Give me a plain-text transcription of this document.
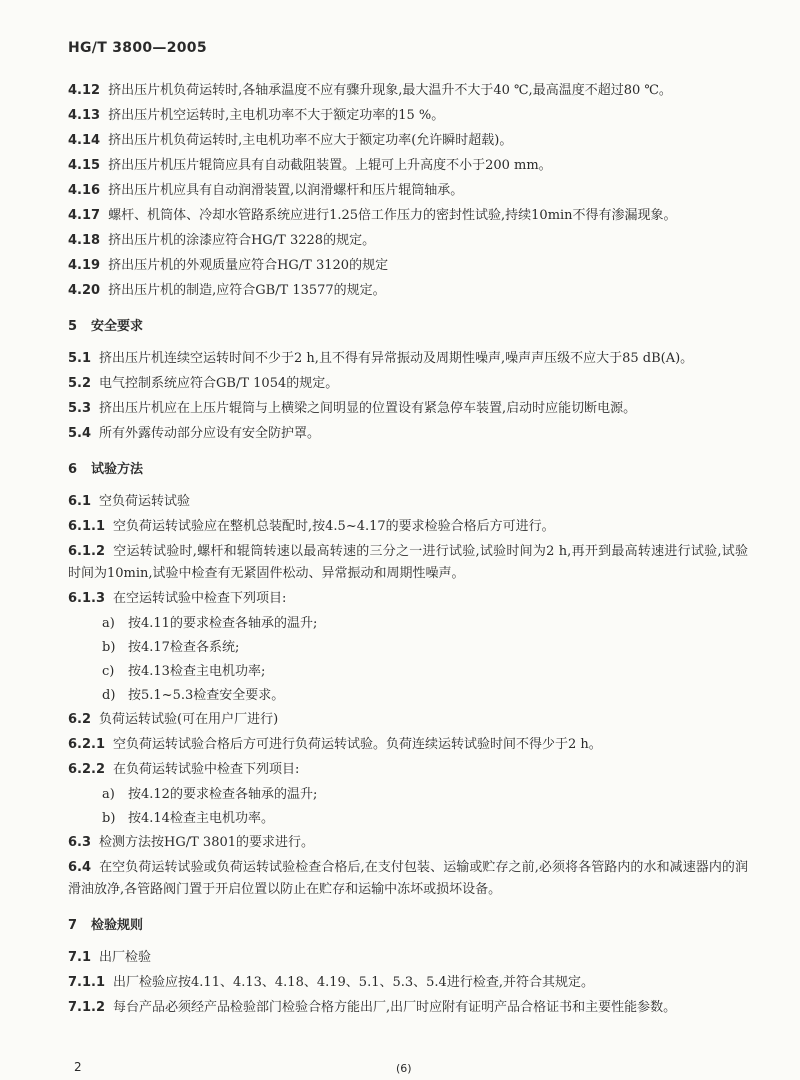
HG/T 3800—2005

4.12 挤出压片机负荷运转时,各轴承温度不应有骤升现象,最大温升不大于40 ℃,最高温度不超过80 ℃。

4.13 挤出压片机空运转时,主电机功率不大于额定功率的15 %。

4.14 挤出压片机负荷运转时,主电机功率不应大于额定功率(允许瞬时超载)。

4.15 挤出压片机压片辊筒应具有自动截阻装置。上辊可上升高度不小于200 mm。

4.16 挤出压片机应具有自动润滑装置,以润滑螺杆和压片辊筒轴承。

4.17 螺杆、机筒体、冷却水管路系统应进行1.25倍工作压力的密封性试验,持续10min不得有渗漏现象。

4.18 挤出压片机的涂漆应符合HG/T 3228的规定。

4.19 挤出压片机的外观质量应符合HG/T 3120的规定

4.20 挤出压片机的制造,应符合GB/T 13577的规定。

5 安全要求

5.1 挤出压片机连续空运转时间不少于2 h,且不得有异常振动及周期性噪声,噪声声压级不应大于85 dB(A)。

5.2 电气控制系统应符合GB/T 1054的规定。

5.3 挤出压片机应在上压片辊筒与上横梁之间明显的位置设有紧急停车装置,启动时应能切断电源。

5.4 所有外露传动部分应设有安全防护罩。

6 试验方法

6.1 空负荷运转试验

6.1.1 空负荷运转试验应在整机总装配时,按4.5~4.17的要求检验合格后方可进行。

6.1.2 空运转试验时,螺杆和辊筒转速以最高转速的三分之一进行试验,试验时间为2 h,再开到最高转速进行试验,试验时间为10min,试验中检查有无紧固件松动、异常振动和周期性噪声。

6.1.3 在空运转试验中检查下列项目:

a) 按4.11的要求检查各轴承的温升;
b) 按4.17检查各系统;
c) 按4.13检查主电机功率;
d) 按5.1~5.3检查安全要求。

6.2 负荷运转试验(可在用户厂进行)

6.2.1 空负荷运转试验合格后方可进行负荷运转试验。负荷连续运转试验时间不得少于2 h。

6.2.2 在负荷运转试验中检查下列项目:

a) 按4.12的要求检查各轴承的温升;
b) 按4.14检查主电机功率。

6.3 检测方法按HG/T 3801的要求进行。

6.4 在空负荷运转试验或负荷运转试验检查合格后,在支付包装、运输或贮存之前,必须将各管路内的水和减速器内的润滑油放净,各管路阀门置于开启位置以防止在贮存和运输中冻坏或损坏设备。

7 检验规则

7.1 出厂检验

7.1.1 出厂检验应按4.11、4.13、4.18、4.19、5.1、5.3、5.4进行检查,并符合其规定。

7.1.2 每台产品必须经产品检验部门检验合格方能出厂,出厂时应附有证明产品合格证书和主要性能参数。

2	(6)
